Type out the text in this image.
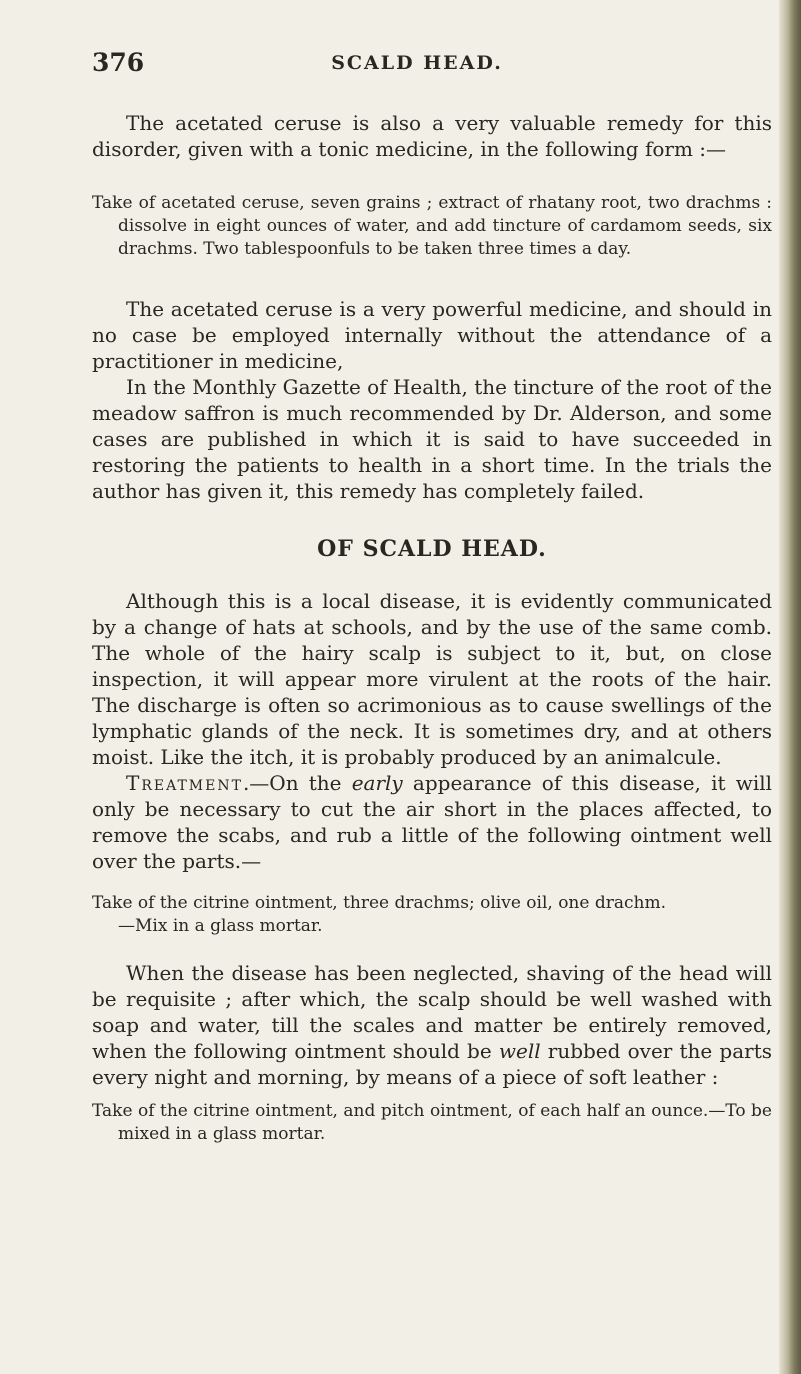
376	SCALD HEAD.

The acetated ceruse is also a very valuable remedy for this disorder, given with a tonic medicine, in the following form :—

Take of acetated ceruse, seven grains ; extract of rhatany root, two drachms : dissolve in eight ounces of water, and add tincture of cardamom seeds, six drachms. Two tablespoonfuls to be taken three times a day.

The acetated ceruse is a very powerful medicine, and should in no case be employed internally without the attendance of a practitioner in medicine,

In the Monthly Gazette of Health, the tincture of the root of the meadow saffron is much recommended by Dr. Alderson, and some cases are published in which it is said to have succeeded in restoring the patients to health in a short time. In the trials the author has given it, this remedy has completely failed.

OF SCALD HEAD.

Although this is a local disease, it is evidently communicated by a change of hats at schools, and by the use of the same comb. The whole of the hairy scalp is subject to it, but, on close inspection, it will appear more virulent at the roots of the hair. The discharge is often so acrimonious as to cause swellings of the lymphatic glands of the neck. It is sometimes dry, and at others moist. Like the itch, it is probably produced by an animalcule.

Treatment.—On the early appearance of this disease, it will only be necessary to cut the air short in the places affected, to remove the scabs, and rub a little of the following ointment well over the parts.—

Take of the citrine ointment, three drachms; olive oil, one drachm.

—Mix in a glass mortar.

When the disease has been neglected, shaving of the head will be requisite ; after which, the scalp should be well washed with soap and water, till the scales and matter be entirely removed, when the following ointment should be well rubbed over the parts every night and morning, by means of a piece of soft leather :

Take of the citrine ointment, and pitch ointment, of each half an ounce.—To be mixed in a glass mortar.
